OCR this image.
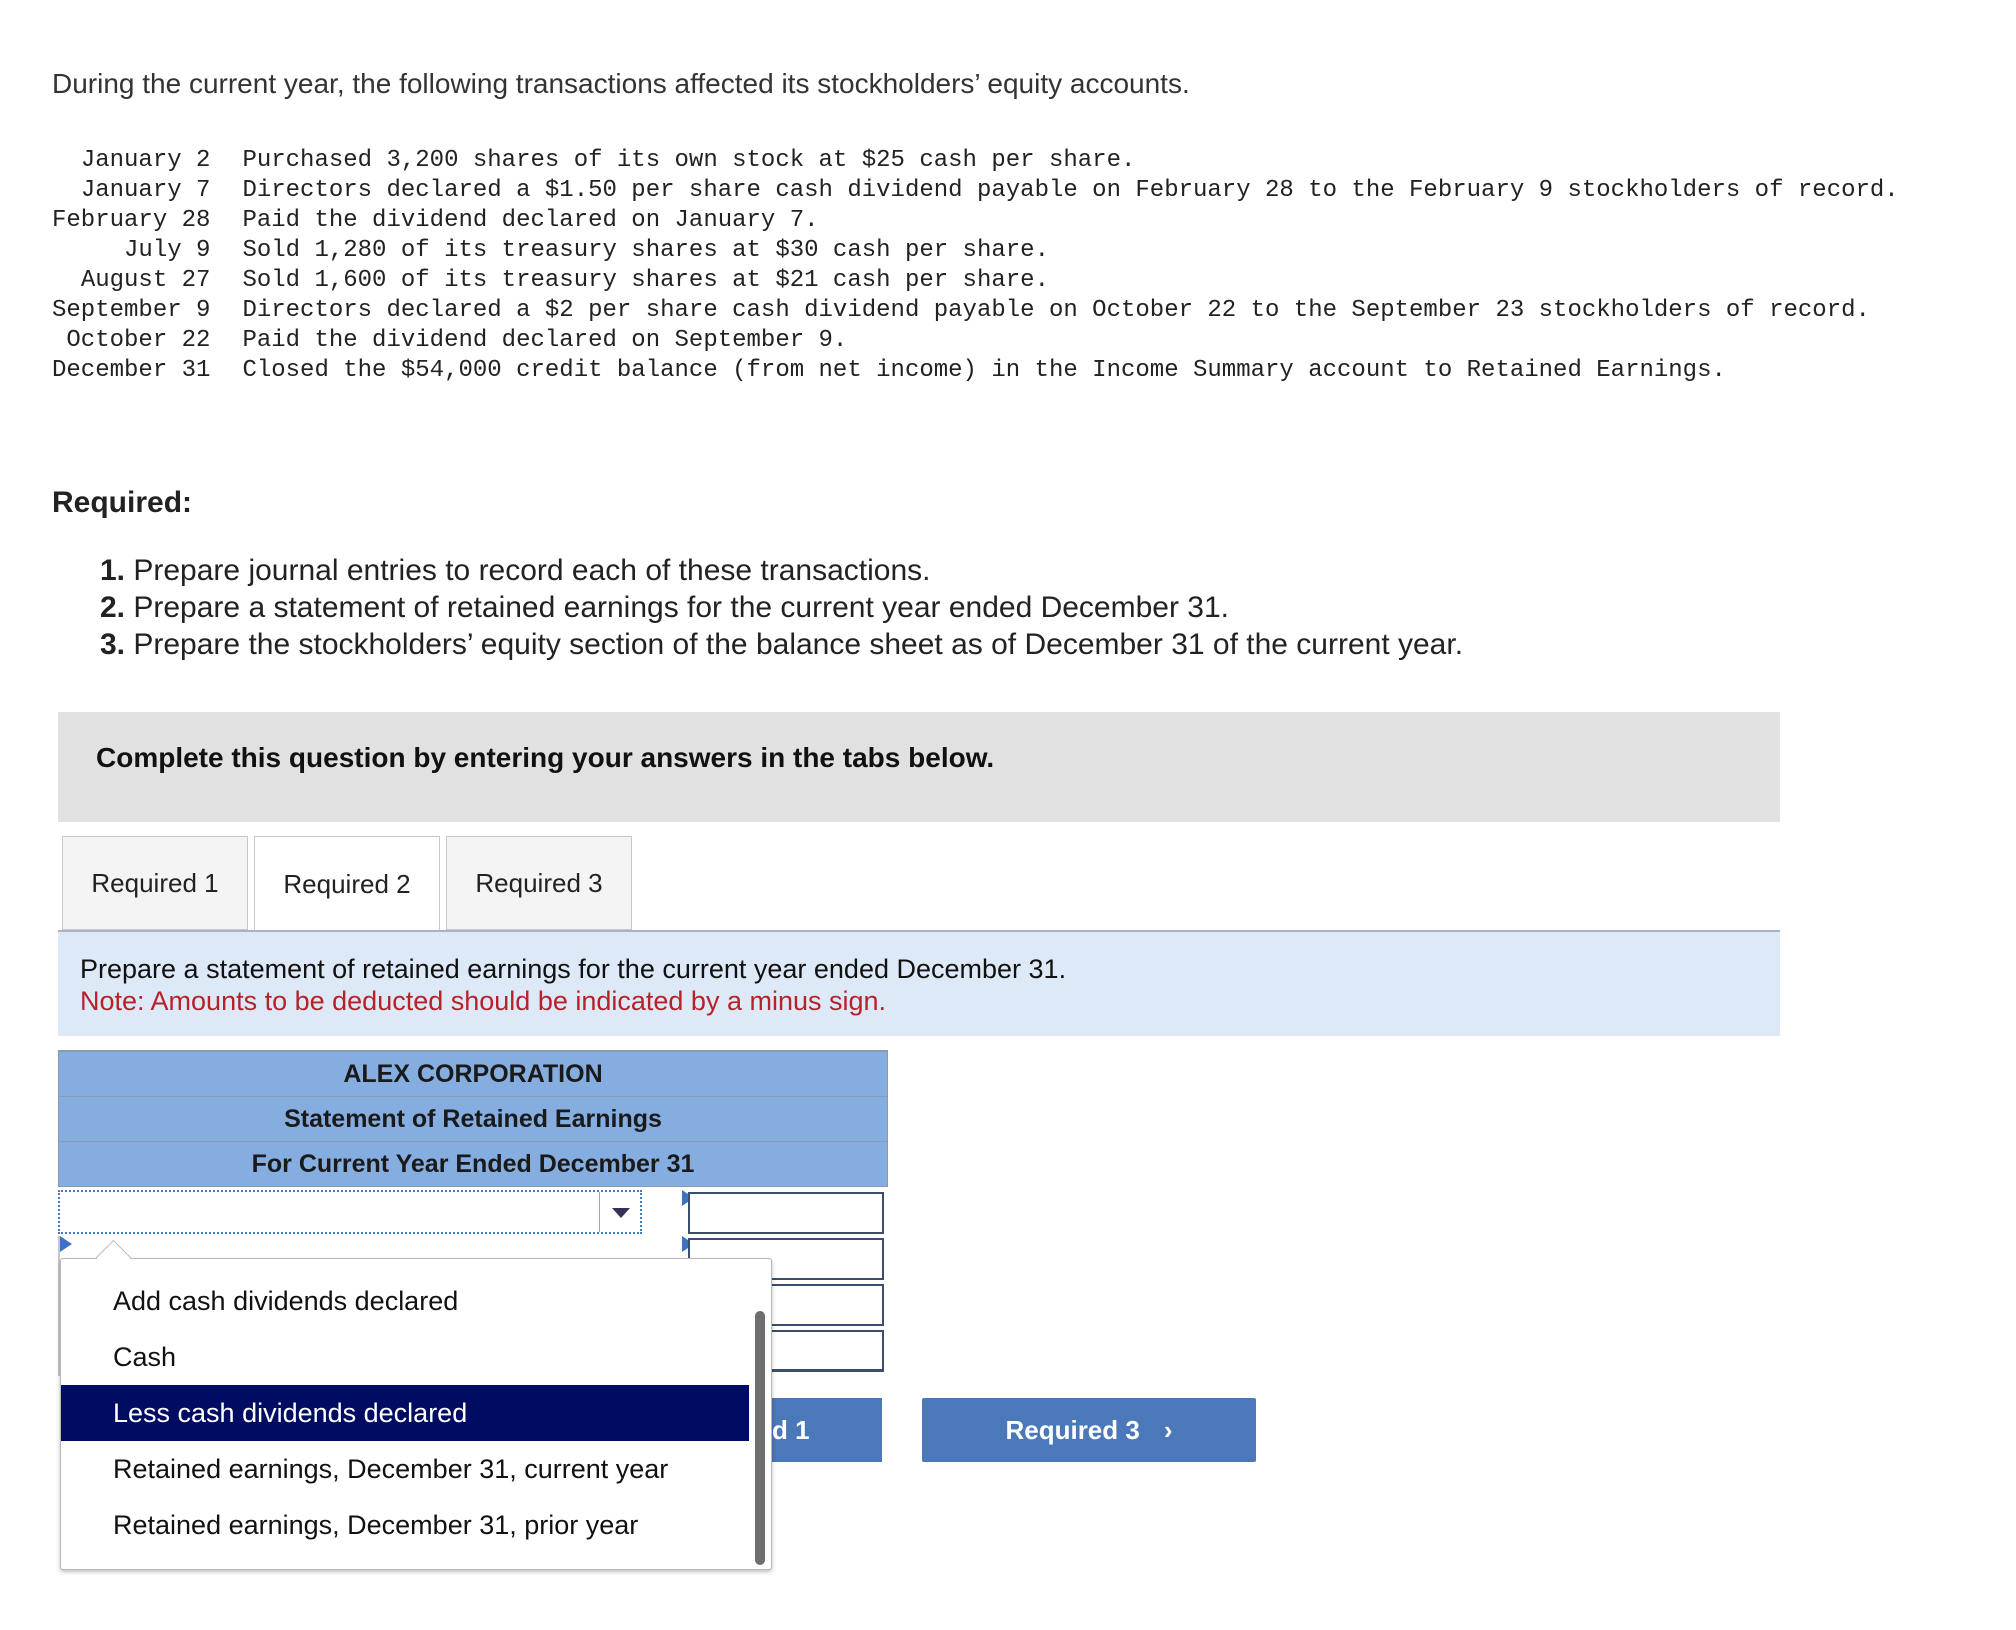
During the current year, the following transactions affected its stockholders’ equity accounts.
January 2	Purchased 3,200 shares of its own stock at $25 cash per share.
January 7	Directors declared a $1.50 per share cash dividend payable on February 28 to the February 9 stockholders of record.
February 28	Paid the dividend declared on January 7.
July 9	Sold 1,280 of its treasury shares at $30 cash per share.
August 27	Sold 1,600 of its treasury shares at $21 cash per share.
September 9	Directors declared a $2 per share cash dividend payable on October 22 to the September 23 stockholders of record.
October 22	Paid the dividend declared on September 9.
December 31	Closed the $54,000 credit balance (from net income) in the Income Summary account to Retained Earnings.
Required:
1. Prepare journal entries to record each of these transactions.
2. Prepare a statement of retained earnings for the current year ended December 31.
3. Prepare the stockholders’ equity section of the balance sheet as of December 31 of the current year.
Complete this question by entering your answers in the tabs below.
Required 1	Required 2	Required 3
Prepare a statement of retained earnings for the current year ended December 31.
Note: Amounts to be deducted should be indicated by a minus sign.
ALEX CORPORATION
Statement of Retained Earnings
For Current Year Ended December 31
d 1	Required 3 ›
Add cash dividends declared
Cash
Less cash dividends declared
Retained earnings, December 31, current year
Retained earnings, December 31, prior year
